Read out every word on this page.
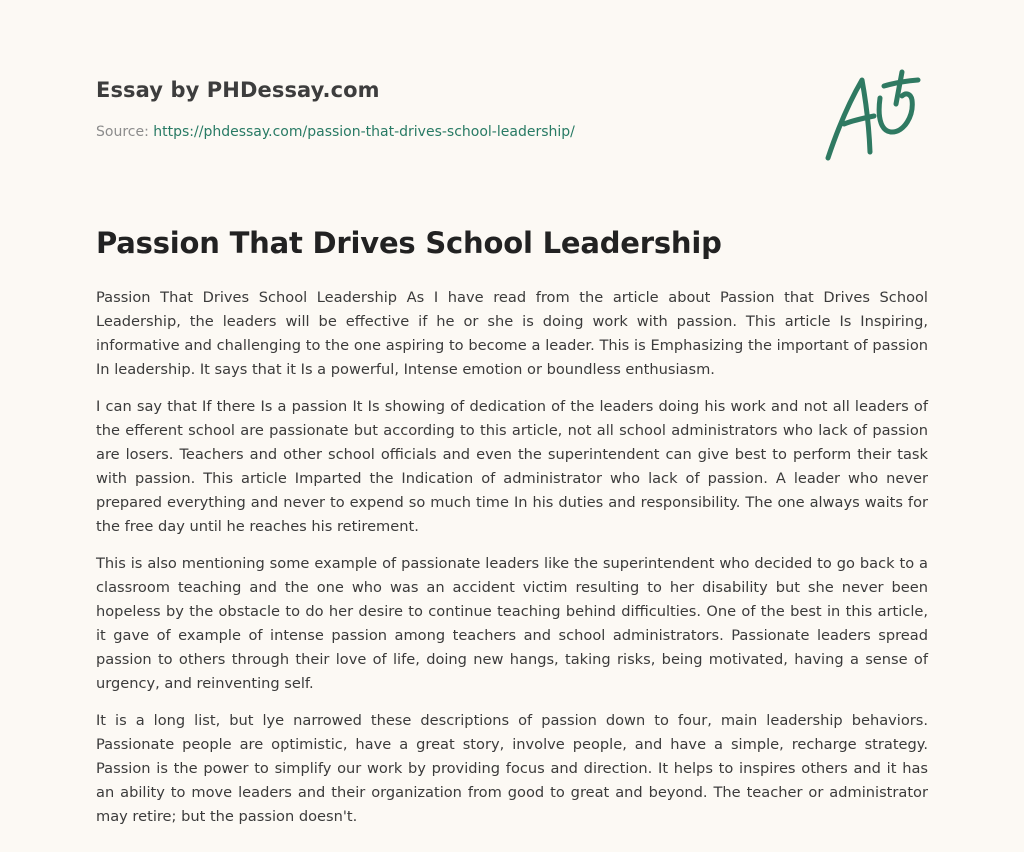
Essay by PHDessay.com
Source: https://phdessay.com/passion-that-drives-school-leadership/
Passion That Drives School Leadership

Passion That Drives School Leadership As I have read from the article about Passion that Drives School Leadership, the leaders will be effective if he or she is doing work with passion. This article Is Inspiring, informative and challenging to the one aspiring to become a leader. This is Emphasizing the important of passion In leadership. It says that it Is a powerful, Intense emotion or boundless enthusiasm.

I can say that If there Is a passion It Is showing of dedication of the leaders doing his work and not all leaders of the efferent school are passionate but according to this article, not all school administrators who lack of passion are losers. Teachers and other school officials and even the superintendent can give best to perform their task with passion. This article Imparted the Indication of administrator who lack of passion. A leader who never prepared everything and never to expend so much time In his duties and responsibility. The one always waits for the free day until he reaches his retirement.

This is also mentioning some example of passionate leaders like the superintendent who decided to go back to a classroom teaching and the one who was an accident victim resulting to her disability but she never been hopeless by the obstacle to do her desire to continue teaching behind difficulties. One of the best in this article, it gave of example of intense passion among teachers and school administrators. Passionate leaders spread passion to others through their love of life, doing new hangs, taking risks, being motivated, having a sense of urgency, and reinventing self.

It is a long list, but lye narrowed these descriptions of passion down to four, main leadership behaviors. Passionate people are optimistic, have a great story, involve people, and have a simple, recharge strategy. Passion is the power to simplify our work by providing focus and direction. It helps to inspires others and it has an ability to move leaders and their organization from good to great and beyond. The teacher or administrator may retire; but the passion doesn't.
